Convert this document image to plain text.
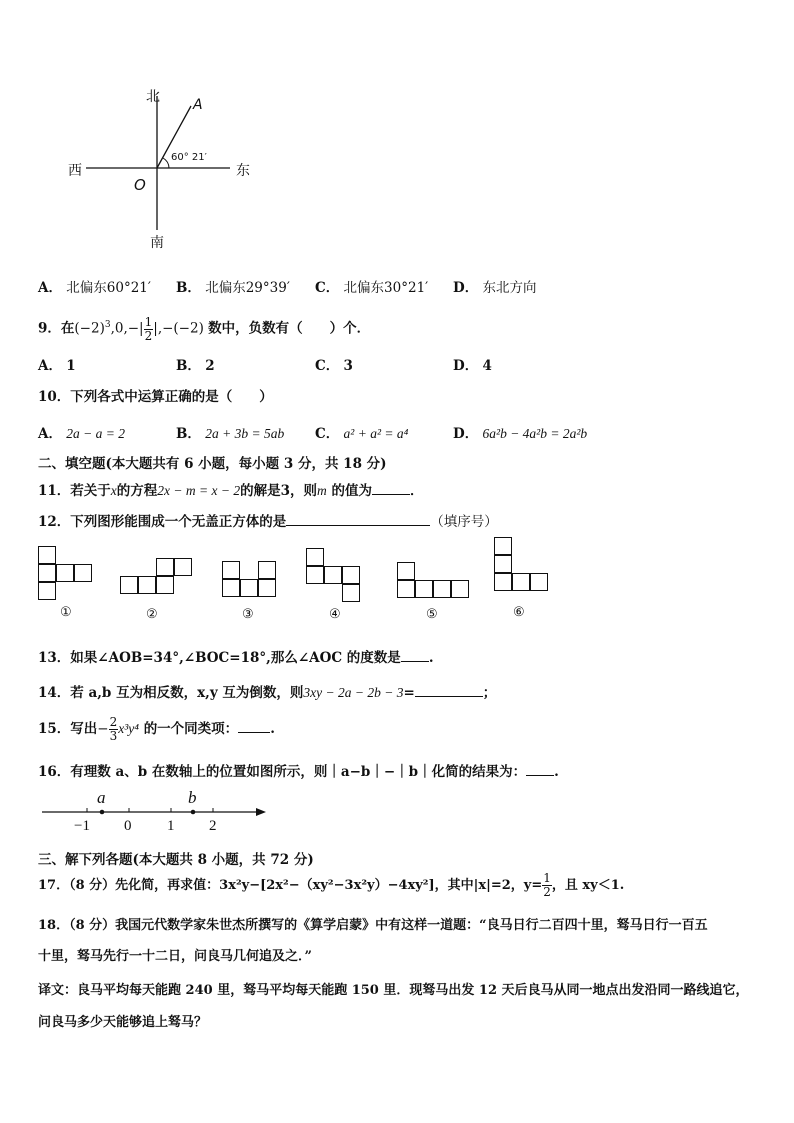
北
南
西	东
O
A
60° 21′
A． 北偏东60°21′ B． 北偏东29°39′ C． 北偏东30°21′ D． 东北方向
9．在$(-2)^3,0,-| \frac{1}{2} |,-(-2)$ 数中，负数有（　　）个．
A． 1	B． 2	C． 3	D． 4
10．下列各式中运算正确的是（　　）
A． 2a − a = 2	B． 2a + 3b = 5ab C． a² + a² = a⁴	D． 6a²b − 4a²b = 2a²b
二、填空题(本大题共有 6 小题，每小题 3 分，共 18 分)
11．若关于x的方程2x − m = x − 2的解是3，则m 的值为	．
12．下列图形能围成一个无盖正方体的是	（填序号）
①	②	③	④	⑤	⑥
13．如果∠AOB=34°,∠BOC=18°,那么∠AOC 的度数是 .
14．若 a,b 互为相反数，x,y 互为倒数，则3xy − 2a − 2b − 3=	；
15．写出− $\frac{2}{3} x^3y^4$ 的一个同类项： .
16．有理数 a、b 在数轴上的位置如图所示，则｜a−b｜−｜b｜化简的结果为： .
a	b
−1 0 1 2
三、解下列各题(本大题共 8 小题，共 72 分)
17．（8 分）先化简，再求值：3x²y−[2x²−（xy²−3x²y）−4xy²]，其中|x|=2，$y= \frac{1}{2}$ ，且 xy＜1.
18．（8 分）我国元代数学家朱世杰所撰写的《算学启蒙》中有这样一道题：“良马日行二百四十里，驽马日行一百五
十里，驽马先行一十二日，问良马几何追及之．”
译文：良马平均每天能跑 240 里，驽马平均每天能跑 150 里．现驽马出发 12 天后良马从同一地点出发沿同一路线追它，
问良马多少天能够追上驽马？
